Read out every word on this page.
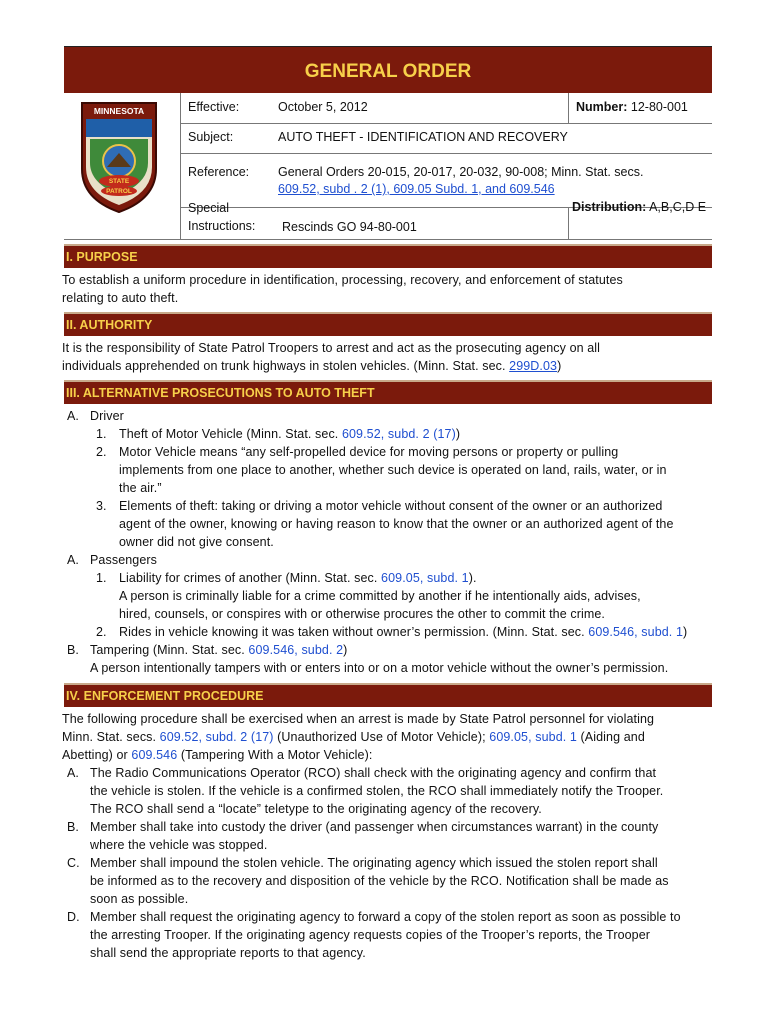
GENERAL ORDER
MINNESOTA
STATE
PATROL
Effective:	October 5, 2012	Number: 12-80-001
Subject:	AUTO THEFT - IDENTIFICATION AND RECOVERY
Reference: General Orders 20-015, 20-017, 20-032, 90-008; Minn. Stat. secs.
609.52, subd . 2 (1), 609.05 Subd. 1, and 609.546
Special
Instructions: Rescinds GO 94-80-001
Distribution: A,B,C,D E
I. PURPOSE
To establish a uniform procedure in identification, processing, recovery, and enforcement of statutes
relating to auto theft.
II. AUTHORITY
It is the responsibility of State Patrol Troopers to arrest and act as the prosecuting agency on all
individuals apprehended on trunk highways in stolen vehicles. (Minn. Stat. sec. 299D.03)
III. ALTERNATIVE PROSECUTIONS TO AUTO THEFT
A. Driver
1. Theft of Motor Vehicle (Minn. Stat. sec. 609.52, subd. 2 (17))
2. Motor Vehicle means “any self-propelled device for moving persons or property or pulling
implements from one place to another, whether such device is operated on land, rails, water, or in
the air.”
3. Elements of theft: taking or driving a motor vehicle without consent of the owner or an authorized
agent of the owner, knowing or having reason to know that the owner or an authorized agent of the
owner did not give consent.
A. Passengers
1. Liability for crimes of another (Minn. Stat. sec. 609.05, subd. 1).
A person is criminally liable for a crime committed by another if he intentionally aids, advises,
hired, counsels, or conspires with or otherwise procures the other to commit the crime.
2. Rides in vehicle knowing it was taken without owner’s permission. (Minn. Stat. sec. 609.546, subd. 1)
B. Tampering (Minn. Stat. sec. 609.546, subd. 2)
A person intentionally tampers with or enters into or on a motor vehicle without the owner’s permission.
IV. ENFORCEMENT PROCEDURE
The following procedure shall be exercised when an arrest is made by State Patrol personnel for violating
Minn. Stat. secs. 609.52, subd. 2 (17) (Unauthorized Use of Motor Vehicle); 609.05, subd. 1 (Aiding and
Abetting) or 609.546 (Tampering With a Motor Vehicle):
A. The Radio Communications Operator (RCO) shall check with the originating agency and confirm that
the vehicle is stolen. If the vehicle is a confirmed stolen, the RCO shall immediately notify the Trooper.
The RCO shall send a “locate” teletype to the originating agency of the recovery.
B. Member shall take into custody the driver (and passenger when circumstances warrant) in the county
where the vehicle was stopped.
C. Member shall impound the stolen vehicle. The originating agency which issued the stolen report shall
be informed as to the recovery and disposition of the vehicle by the RCO. Notification shall be made as
soon as possible.
D. Member shall request the originating agency to forward a copy of the stolen report as soon as possible to
the arresting Trooper. If the originating agency requests copies of the Trooper’s reports, the Trooper
shall send the appropriate reports to that agency.
